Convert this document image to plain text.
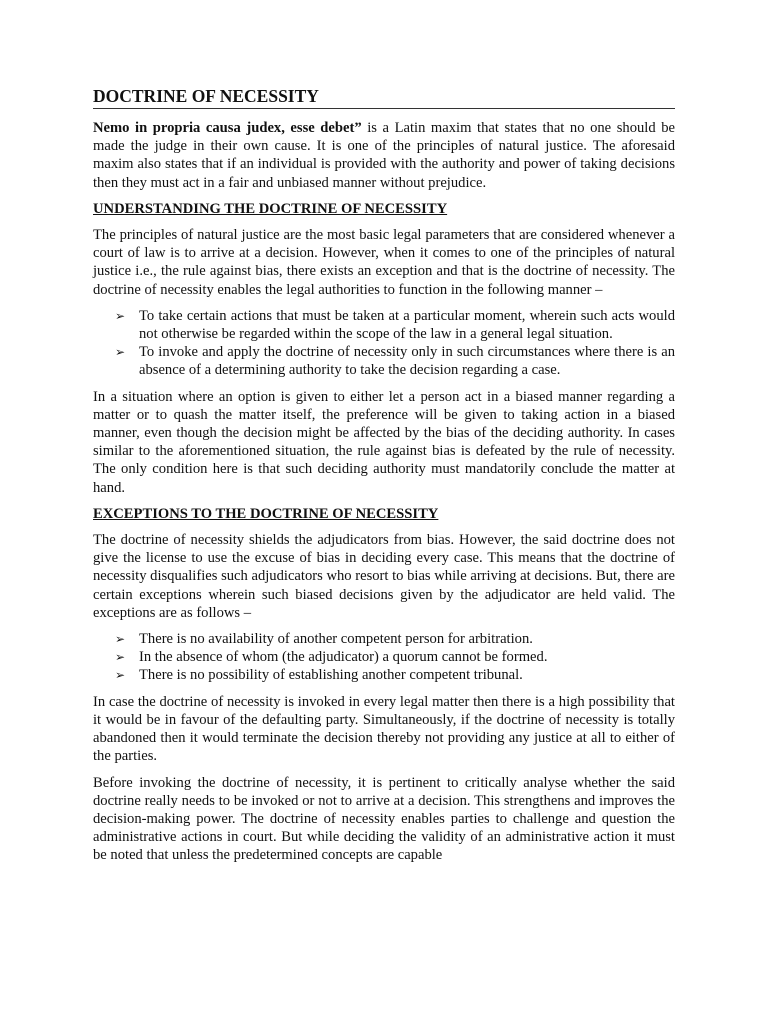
DOCTRINE OF NECESSITY

Nemo in propria causa judex, esse debet” is a Latin maxim that states that no one should be made the judge in their own cause. It is one of the principles of natural justice. The aforesaid maxim also states that if an individual is provided with the authority and power of taking decisions then they must act in a fair and unbiased manner without prejudice.

UNDERSTANDING THE DOCTRINE OF NECESSITY

The principles of natural justice are the most basic legal parameters that are considered whenever a court of law is to arrive at a decision. However, when it comes to one of the principles of natural justice i.e., the rule against bias, there exists an exception and that is the doctrine of necessity. The doctrine of necessity enables the legal authorities to function in the following manner –

➢ To take certain actions that must be taken at a particular moment, wherein such acts would not otherwise be regarded within the scope of the law in a general legal situation.
➢ To invoke and apply the doctrine of necessity only in such circumstances where there is an absence of a determining authority to take the decision regarding a case.

In a situation where an option is given to either let a person act in a biased manner regarding a matter or to quash the matter itself, the preference will be given to taking action in a biased manner, even though the decision might be affected by the bias of the deciding authority. In cases similar to the aforementioned situation, the rule against bias is defeated by the rule of necessity. The only condition here is that such deciding authority must mandatorily conclude the matter at hand.

EXCEPTIONS TO THE DOCTRINE OF NECESSITY

The doctrine of necessity shields the adjudicators from bias. However, the said doctrine does not give the license to use the excuse of bias in deciding every case. This means that the doctrine of necessity disqualifies such adjudicators who resort to bias while arriving at decisions. But, there are certain exceptions wherein such biased decisions given by the adjudicator are held valid. The exceptions are as follows –

➢ There is no availability of another competent person for arbitration.
➢ In the absence of whom (the adjudicator) a quorum cannot be formed.
➢ There is no possibility of establishing another competent tribunal.

In case the doctrine of necessity is invoked in every legal matter then there is a high possibility that it would be in favour of the defaulting party. Simultaneously, if the doctrine of necessity is totally abandoned then it would terminate the decision thereby not providing any justice at all to either of the parties.

Before invoking the doctrine of necessity, it is pertinent to critically analyse whether the said doctrine really needs to be invoked or not to arrive at a decision. This strengthens and improves the decision-making power. The doctrine of necessity enables parties to challenge and question the administrative actions in court. But while deciding the validity of an administrative action it must be noted that unless the predetermined concepts are capable
